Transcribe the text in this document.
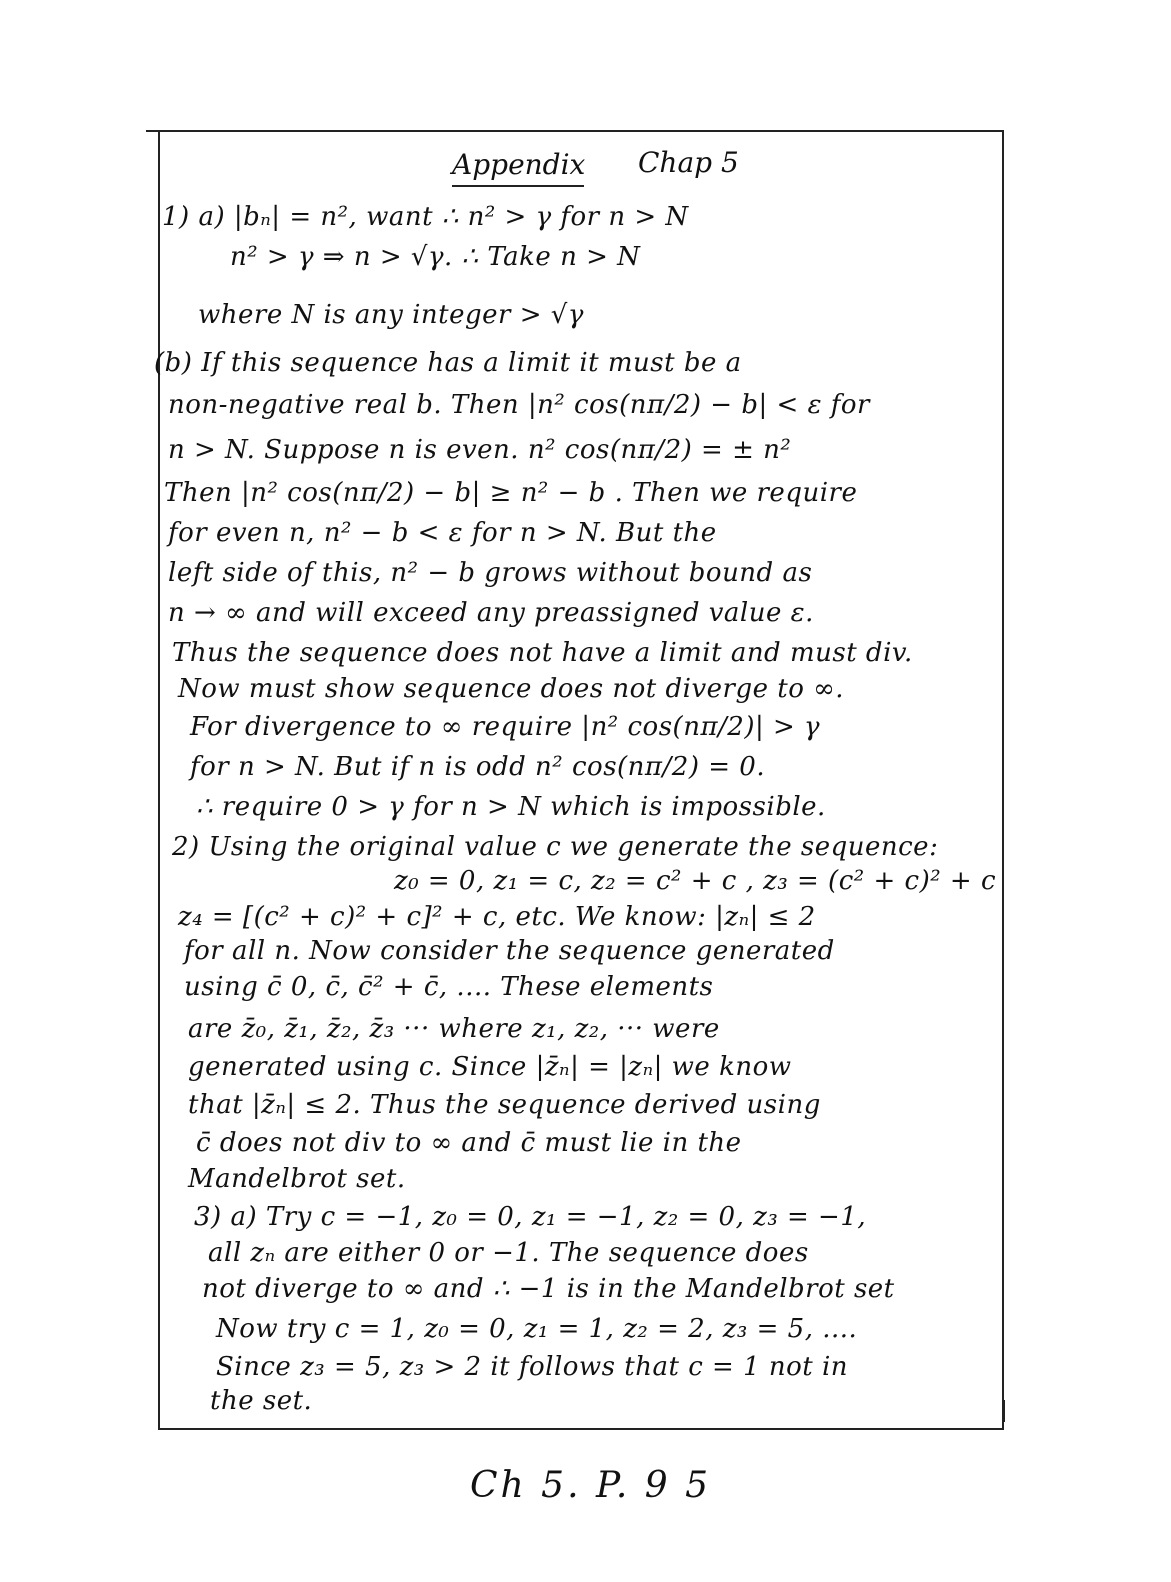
Appendix Chap 5
1) a) |bₙ| = n², want ∴ n² > γ for n > N
n² > γ ⇒ n > √γ. ∴ Take n > N
where N is any integer > √γ
(b) If this sequence has a limit it must be a
non-negative real b. Then |n² cos(nπ/2) − b| < ε for
n > N. Suppose n is even. n² cos(nπ/2) = ± n²
Then |n² cos(nπ/2) − b| ≥ n² − b . Then we require
for even n, n² − b < ε for n > N. But the
left side of this, n² − b grows without bound as
n → ∞ and will exceed any preassigned value ε.
Thus the sequence does not have a limit and must div.
Now must show sequence does not diverge to ∞.
For divergence to ∞ require |n² cos(nπ/2)| > γ
for n > N. But if n is odd n² cos(nπ/2) = 0.
∴ require 0 > γ for n > N which is impossible.
2) Using the original value c we generate the sequence:
z₀ = 0, z₁ = c, z₂ = c² + c , z₃ = (c² + c)² + c
z₄ = [(c² + c)² + c]² + c, etc. We know: |zₙ| ≤ 2
for all n. Now consider the sequence generated
using c̄ 0, c̄, c̄² + c̄, .... These elements
are z̄₀, z̄₁, z̄₂, z̄₃ ··· where z₁, z₂, ··· were
generated using c. Since |z̄ₙ| = |zₙ| we know
that |z̄ₙ| ≤ 2. Thus the sequence derived using
c̄ does not div to ∞ and c̄ must lie in the
Mandelbrot set.
3) a) Try c = −1, z₀ = 0, z₁ = −1, z₂ = 0, z₃ = −1,
all zₙ are either 0 or −1. The sequence does
not diverge to ∞ and ∴ −1 is in the Mandelbrot set
Now try c = 1, z₀ = 0, z₁ = 1, z₂ = 2, z₃ = 5, ....
Since z₃ = 5, z₃ > 2 it follows that c = 1 not in
the set.
Ch 5. P. 9 5
